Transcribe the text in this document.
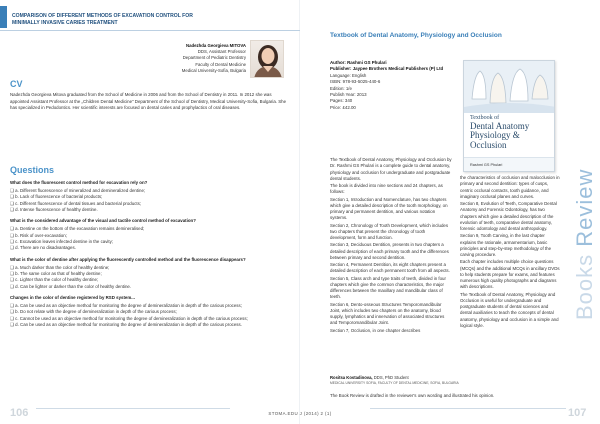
COMPARISON OF DIFFERENT METHODS OF EXCAVATION CONTROL FOR MINIMALLY INVASIVE CARIES TREATMENT
Nadezhda Georgieva MITOVA
DDS, Assistant Professor
Department of Pediatric Dentistry
Faculty of Dental Medicine
Medical University-Sofia, Bulgaria
CV
Nadezhda Georgieva Mitova graduated from the School of Medicine in 2006 and from the School of Dentistry in 2011. In 2012 she was appointed Assistant Professor at the „Children Dental Medicine" Department of the School of Dentistry, Medical University-Sofia, Bulgaria. She has specialized in Pedodontics. Her scientific interests are focused on dental caries and prophylactics of oral diseases.
Questions
What does the fluorescent control method for excavation rely on?
❑ a. Different fluorescence of mineralized and demineralized dentine;
❑ b. Lack of fluorescence of bacterial products;
❑ c. Different fluorescence of dental tissues and bacterial products;
❑ d. Intense fluorescence of healthy dentine.
What is the considered advantage of the visual and tactile control method of excavation?
❑ a. Dentine on the bottom of the excavation remains demineralised;
❑ b. Risk of over-excavation;
❑ c. Excavation leaves infected dentine in the cavity;
❑ d. There are no disadvantages.
What is the color of dentine after applying the fluorescently controlled method and the fluorescence disappears?
❑ a. Much darker than the color of healthy dentine;
❑ b. The same color as that of healthy dentine;
❑ c. Lighter than the color of healthy dentine;
❑ d. Can be lighter or darker than the color of healthy dentine.
Changes in the color of dentine registered by RSD system...
❑ a. Can be used as an objective method for monitoring the degree of demineralization in depth of the carious process;
❑ b. Do not relate with the degree of demineralization in depth of the carious process;
❑ c. Cannot be used as an objective method for monitoring the degree of demineralization in depth of the carious process;
❑ d. Can be used as an objective method for monitoring the degree of demineralization in depth of the carious process.
Textbook of Dental Anatomy, Physiology and Occlusion
Author: Rashmi GS Phulari
Publisher: Jaypee Brothers Medical Publishers (P) Ltd
Language: English
ISBN: 978-93-5025-440-6
Edition: 1/e
Publish Year: 2013
Pages: 340
Price: £42.00
Textbook of
Dental Anatomy Physiology & Occlusion
Rashmi GS Phulari

The Textbook of Dental Anatomy, Physiology and Occlusion by Dr. Rashmi GS Phulari is a complete guide to dental anatomy, physiology and occlusion for undergraduate and postgraduate dental students.

The book is divided into nine sections and 24 chapters, as follows:

Section 1, Introduction and Nomenclature, has two chapters which give a detailed description of the tooth morphology, on primary and permanent dentition, and various notation systems.

Section 2, Chronology of Tooth Development, which includes two chapters that present the chronology of tooth development, form and function.

Section 3, Deciduous Dentition, presents in two chapters a detailed description of each primary tooth and the differences between primary and second dentition.

Section 4, Permanent Dentition, its eight chapters present a detailed description of each permanent tooth from all aspects.

Section 5, Class arch and type traits of teeth, divided in four chapters which give the common characteristics, the major differences between the maxillary and mandibular class of teeth.

Section 6, Dento-osseous Structures Temporomandibular Joint, which includes two chapters on the anatomy, blood supply, lymphatics and innervation of associated structures and Temporomandibular Joint.

Section 7, Occlusion, in one chapter describes

the characteristics of occlusion and malocclusion in primary and second dentition: types of cusps, centric occlusal contacts, tooth guidance, and imaginary occlusal planes and curves.

Section 8, Evolution of Teeth, Comparative Dental Anatomy and Forensic Odontology, has two chapters which give a detailed description of the evolution of teeth, comparative dental anatomy, forensic odontology and dental anthropology.

Section 9, Tooth Carving, in the last chapter explains the rationale, armamentarium, basic principles and step-by-step methodology of the carving procedure.

Each chapter includes multiple choice questions (MCQs) and the additional MCQs in ancillary DVDs to help students prepare for exams, and features numerous high quality photographs and diagrams with descriptions.

The Textbook of Dental Anatomy, Physiology and Occlusion is useful for undergraduate and postgraduate students of dental sciences and dental auxiliaries to teach the concepts of dental anatomy, physiology and occlusion in a simple and logical style.

Rositsa Kostadinova, DDS, PhD Student
MEDICAL UNIVERSITY SOFIA, FACULTY OF DENTAL MEDICINE, SOFIA, BULGARIA
The Book Review is drafted in the reviewer's own wording and illustrated his opinion.
Books Review
106	107
STOMA.EDU J (2014) 2 (1)
